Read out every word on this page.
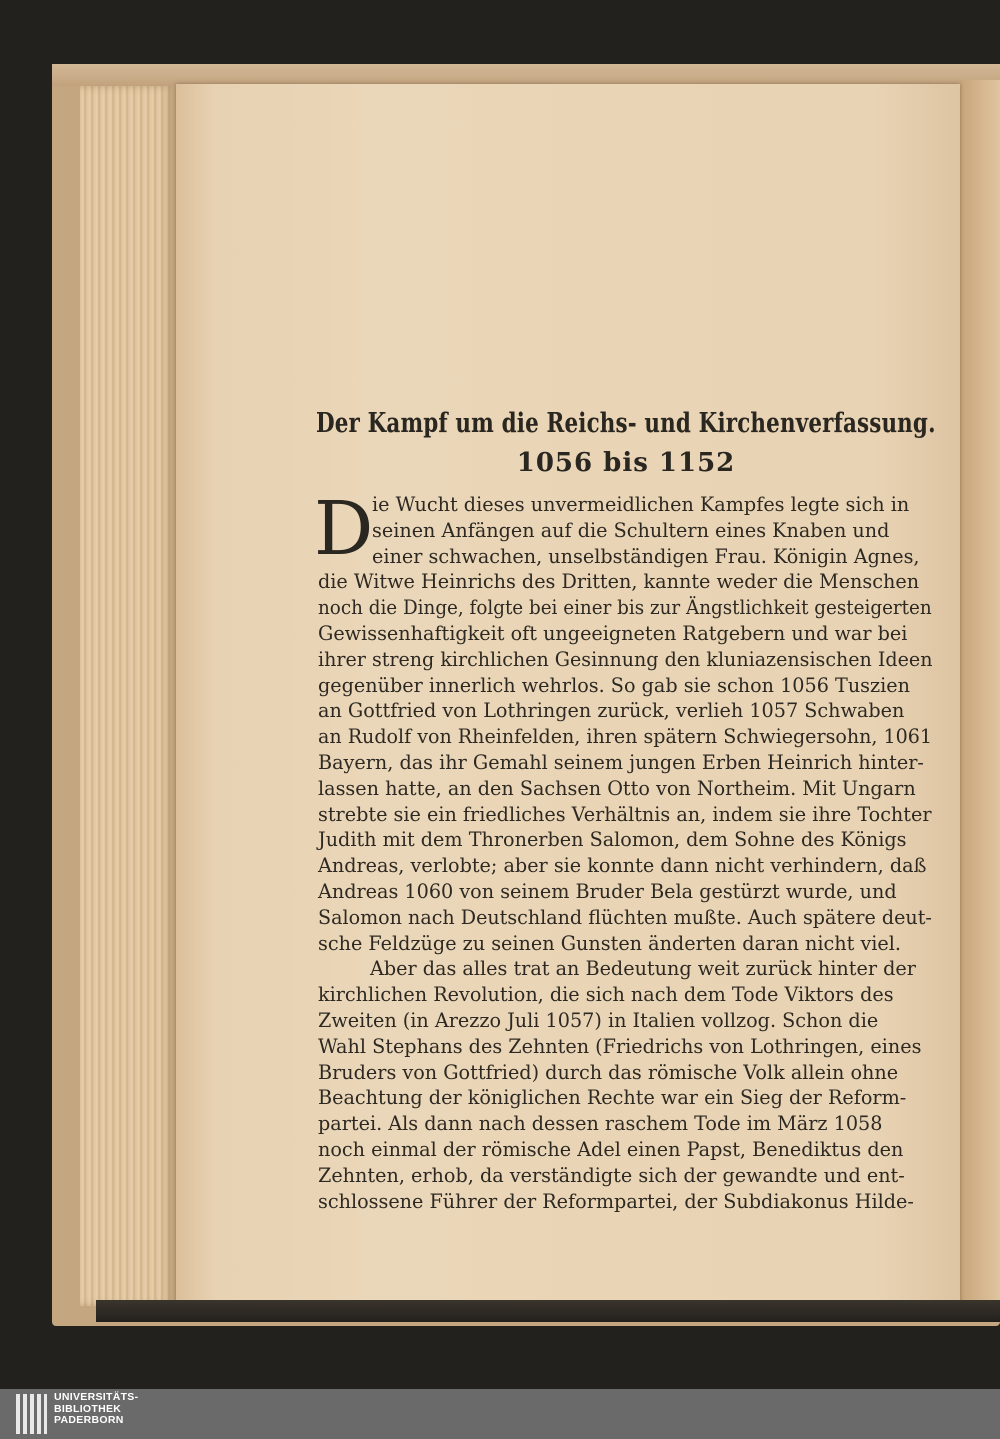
Der Kampf um die Reichs- und Kirchenverfassung.
1056 bis 1152
D
ie Wucht dieses unvermeidlichen Kampfes legte sich in
seinen Anfängen auf die Schultern eines Knaben und
einer schwachen, unselbständigen Frau. Königin Agnes,
die Witwe Heinrichs des Dritten, kannte weder die Menschen
noch die Dinge, folgte bei einer bis zur Ängstlichkeit gesteigerten
Gewissenhaftigkeit oft ungeeigneten Ratgebern und war bei
ihrer streng kirchlichen Gesinnung den kluniazensischen Ideen
gegenüber innerlich wehrlos. So gab sie schon 1056 Tuszien
an Gottfried von Lothringen zurück, verlieh 1057 Schwaben
an Rudolf von Rheinfelden, ihren spätern Schwiegersohn, 1061
Bayern, das ihr Gemahl seinem jungen Erben Heinrich hinter-
lassen hatte, an den Sachsen Otto von Northeim. Mit Ungarn
strebte sie ein friedliches Verhältnis an, indem sie ihre Tochter
Judith mit dem Thronerben Salomon, dem Sohne des Königs
Andreas, verlobte; aber sie konnte dann nicht verhindern, daß
Andreas 1060 von seinem Bruder Bela gestürzt wurde, und
Salomon nach Deutschland flüchten mußte. Auch spätere deut-
sche Feldzüge zu seinen Gunsten änderten daran nicht viel.
Aber das alles trat an Bedeutung weit zurück hinter der
kirchlichen Revolution, die sich nach dem Tode Viktors des
Zweiten (in Arezzo Juli 1057) in Italien vollzog. Schon die
Wahl Stephans des Zehnten (Friedrichs von Lothringen, eines
Bruders von Gottfried) durch das römische Volk allein ohne
Beachtung der königlichen Rechte war ein Sieg der Reform-
partei. Als dann nach dessen raschem Tode im März 1058
noch einmal der römische Adel einen Papst, Benediktus den
Zehnten, erhob, da verständigte sich der gewandte und ent-
schlossene Führer der Reformpartei, der Subdiakonus Hilde-
UNIVERSITÄTS-
BIBLIOTHEK
PADERBORN
